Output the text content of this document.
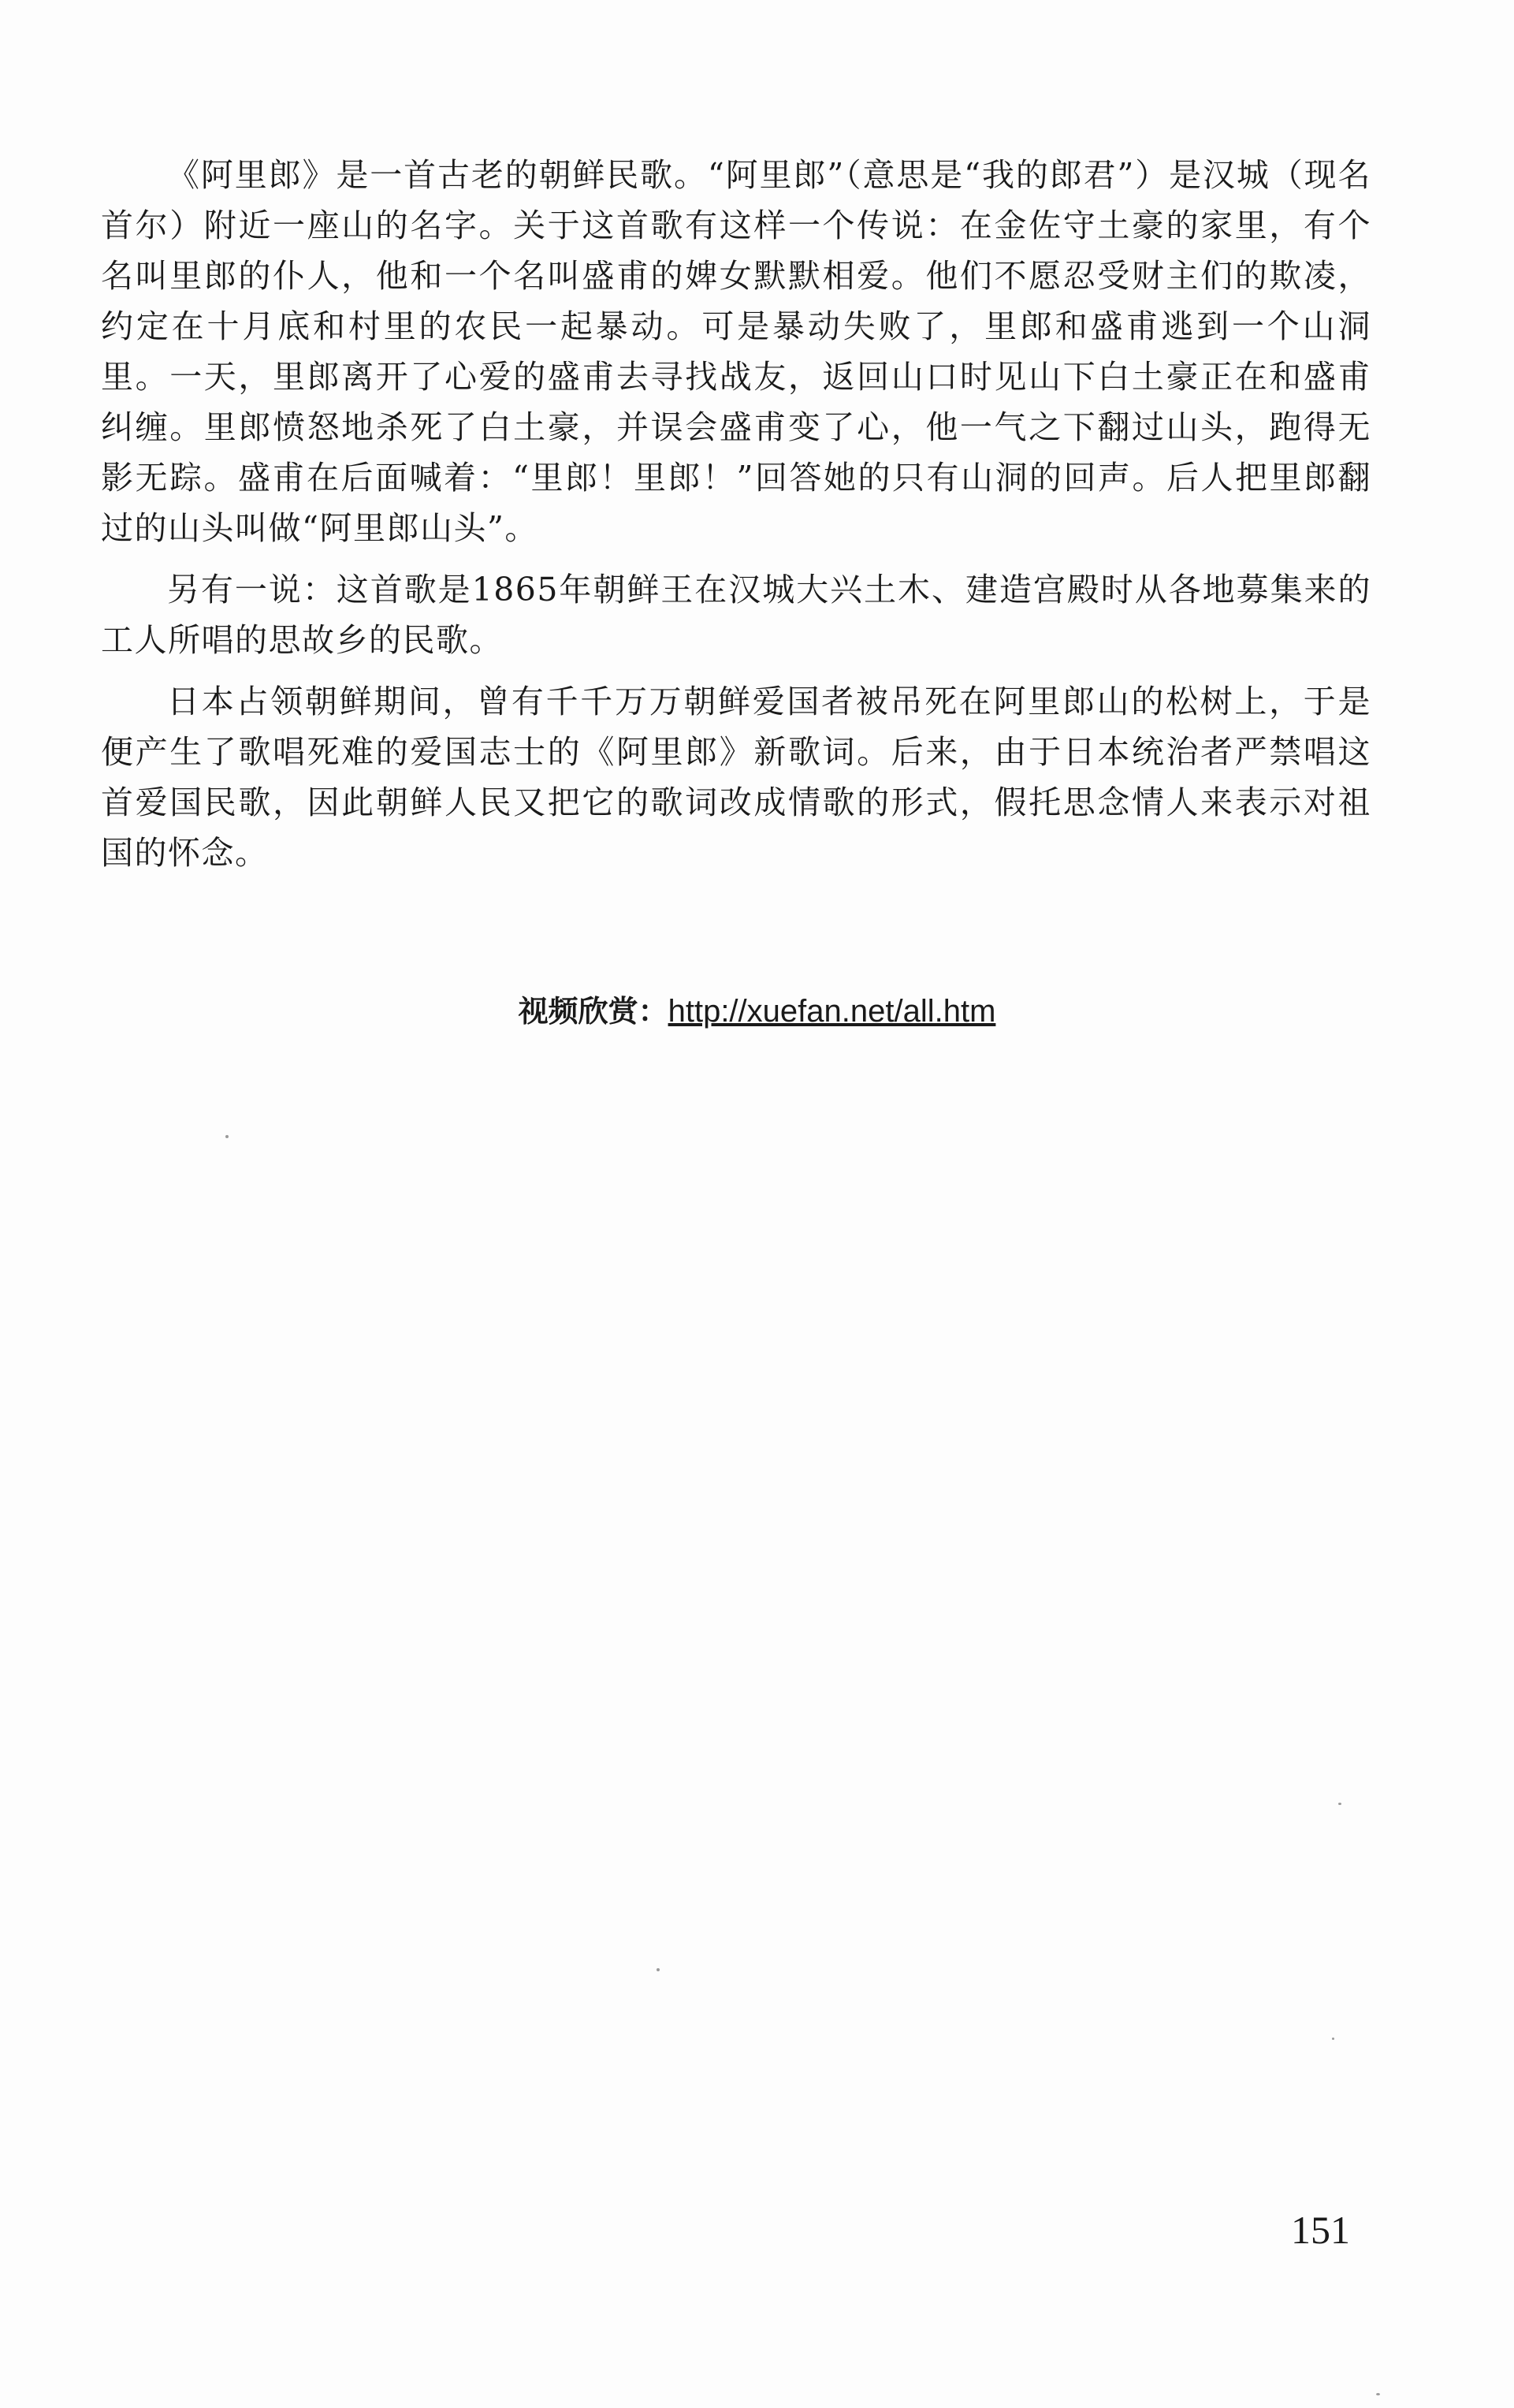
《阿里郎》是一首古老的朝鲜民歌。“阿里郎”（意思是“我的郎君”）是汉城（现名首尔）附近一座山的名字。关于这首歌有这样一个传说：在金佐守土豪的家里，有个名叫里郎的仆人，他和一个名叫盛甫的婢女默默相爱。他们不愿忍受财主们的欺凌，约定在十月底和村里的农民一起暴动。可是暴动失败了，里郎和盛甫逃到一个山洞里。一天，里郎离开了心爱的盛甫去寻找战友，返回山口时见山下白土豪正在和盛甫纠缠。里郎愤怒地杀死了白土豪，并误会盛甫变了心，他一气之下翻过山头，跑得无影无踪。盛甫在后面喊着：“里郎！里郎！”回答她的只有山洞的回声。后人把里郎翻过的山头叫做“阿里郎山头”。

另有一说：这首歌是1865年朝鲜王在汉城大兴土木、建造宫殿时从各地募集来的工人所唱的思故乡的民歌。

日本占领朝鲜期间，曾有千千万万朝鲜爱国者被吊死在阿里郎山的松树上，于是便产生了歌唱死难的爱国志士的《阿里郎》新歌词。后来，由于日本统治者严禁唱这首爱国民歌，因此朝鲜人民又把它的歌词改成情歌的形式，假托思念情人来表示对祖国的怀念。

视频欣赏：http://xuefan.net/all.htm
151
